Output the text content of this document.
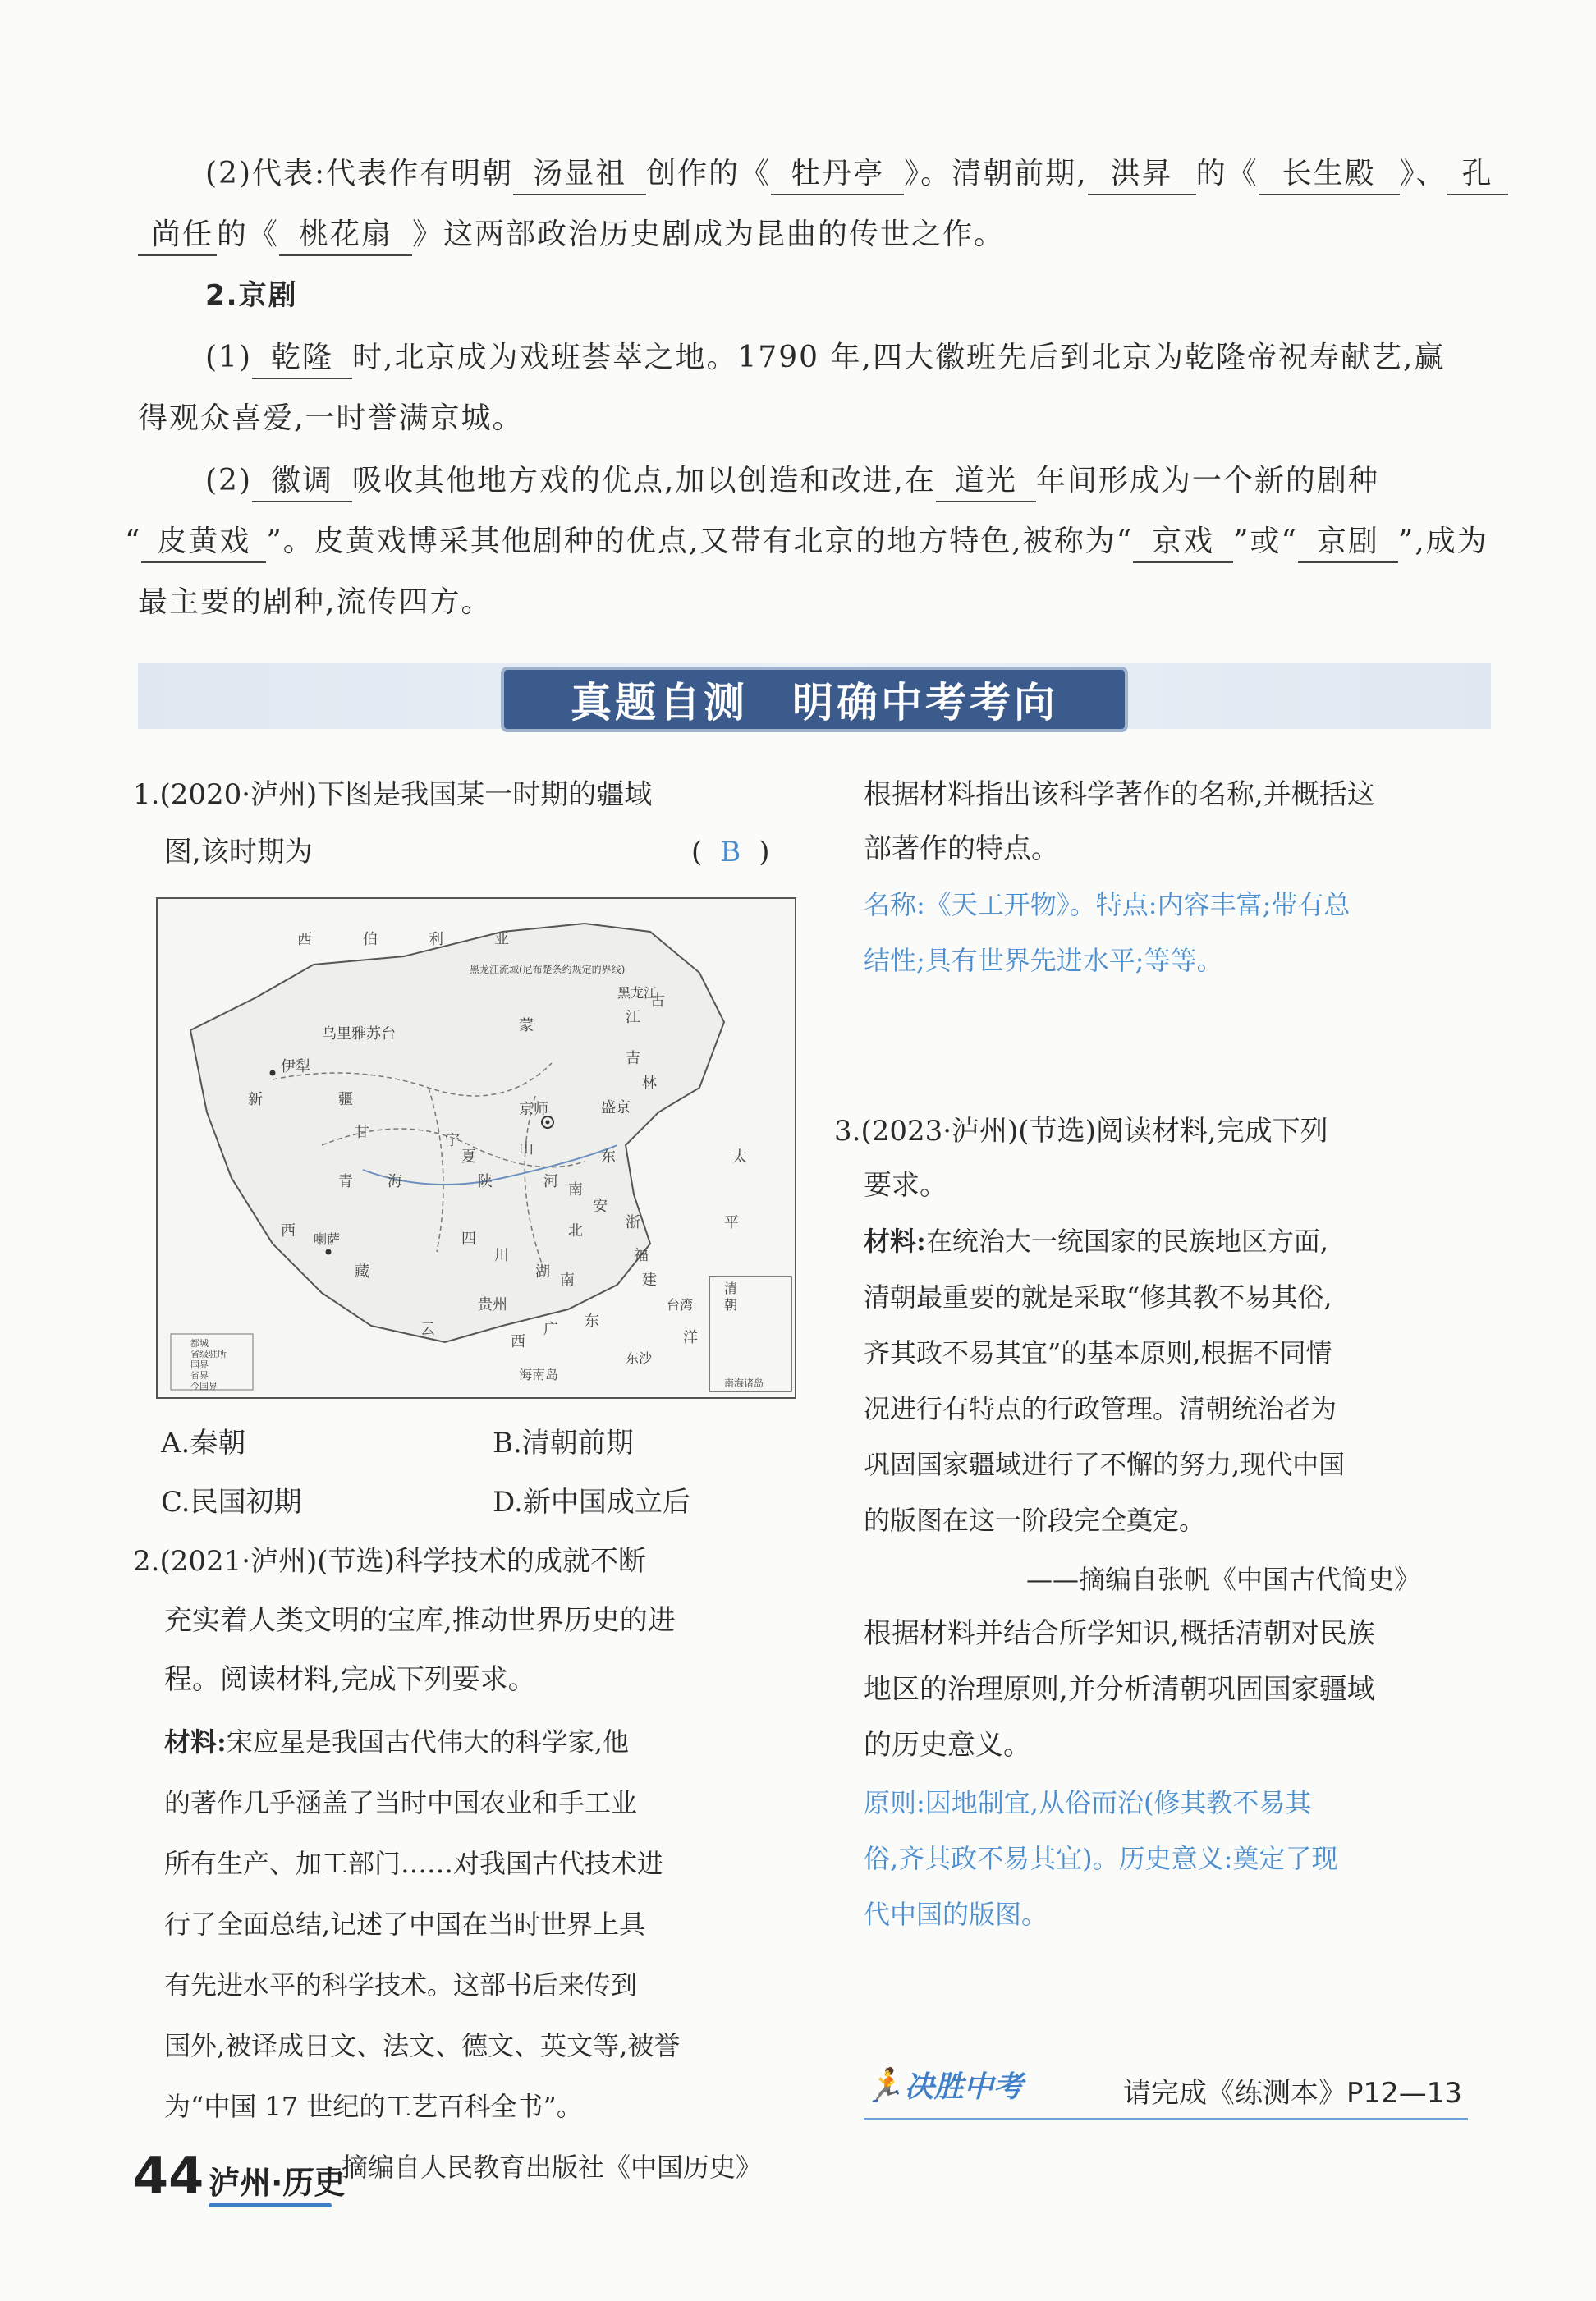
(2)代表:代表作有明朝 汤显祖 创作的《 牡丹亭 》。清朝前期, 洪昇 的《 长生殿 》、 孔
尚任 的《 桃花扇 》这两部政治历史剧成为昆曲的传世之作。
2.京剧
(1) 乾隆 时,北京成为戏班荟萃之地。1790 年,四大徽班先后到北京为乾隆帝祝寿献艺,赢
得观众喜爱,一时誉满京城。
(2) 徽调 吸收其他地方戏的优点,加以创造和改进,在 道光 年间形成为一个新的剧种
“ 皮黄戏 ”。皮黄戏博采其他剧种的优点,又带有北京的地方特色,被称为“ 京戏 ”或“ 京剧 ”,成为
最主要的剧种,流传四方。
真题自测　明确中考考向
1.(2020·泸州)下图是我国某一时期的疆域
图,该时期为	( B )
西	伯	利	亚
黑龙江
乌里雅苏台
伊犁
新	疆
京师	盛京
吉
林
江
蒙
古
甘
青 海
西
藏
喇萨	四
川
湖 南
北
贵州
云	广 东
西
福
建
台湾
海南岛
太
平
洋
浙
安
山	东
河 南
陕
宁
夏
东沙
清
朝
南海诸岛
黑龙江流域(尼布楚条约规定的界线)
都城
省级驻所
国界
省界
今国界
A.秦朝	B.清朝前期
C.民国初期	D.新中国成立后
2.(2021·泸州)(节选)科学技术的成就不断
充实着人类文明的宝库,推动世界历史的进
程。阅读材料,完成下列要求。
材料:宋应星是我国古代伟大的科学家,他
的著作几乎涵盖了当时中国农业和手工业
所有生产、加工部门……对我国古代技术进
行了全面总结,记述了中国在当时世界上具
有先进水平的科学技术。这部书后来传到
国外,被译成日文、法文、德文、英文等,被誉
为“中国 17 世纪的工艺百科全书”。
——摘编自人民教育出版社《中国历史》
根据材料指出该科学著作的名称,并概括这
部著作的特点。
名称:《天工开物》。特点:内容丰富;带有总
结性;具有世界先进水平;等等。
3.(2023·泸州)(节选)阅读材料,完成下列
要求。
材料:在统治大一统国家的民族地区方面,
清朝最重要的就是采取“修其教不易其俗,
齐其政不易其宜”的基本原则,根据不同情
况进行有特点的行政管理。清朝统治者为
巩固国家疆域进行了不懈的努力,现代中国
的版图在这一阶段完全奠定。
——摘编自张帆《中国古代简史》
根据材料并结合所学知识,概括清朝对民族
地区的治理原则,并分析清朝巩固国家疆域
的历史意义。
原则:因地制宜,从俗而治(修其教不易其
俗,齐其政不易其宜)。历史意义:奠定了现
代中国的版图。
🏃决胜中考	请完成《练测本》P12—13
44 泸州·历史
